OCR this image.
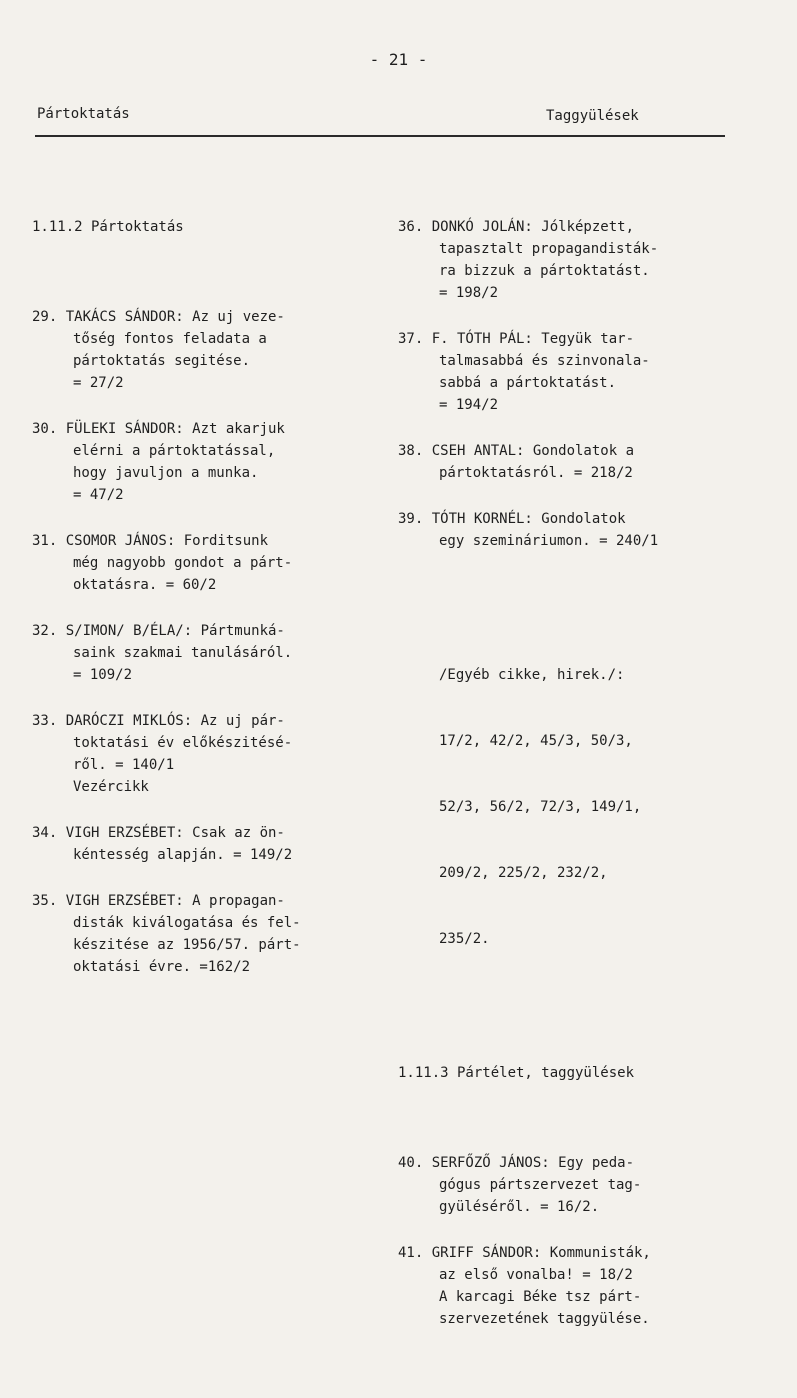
- 21 -
Pártoktatás	Taggyülések

1.11.2 Pártoktatás

29. TAKÁCS SÁNDOR: Az uj veze-
tőség fontos feladata a
pártoktatás segitése.
= 27/2
30. FÜLEKI SÁNDOR: Azt akarjuk
elérni a pártoktatással,
hogy javuljon a munka.
= 47/2
31. CSOMOR JÁNOS: Forditsunk
még nagyobb gondot a párt-
oktatásra. = 60/2
32. S/IMON/ B/ÉLA/: Pártmunká-
saink szakmai tanulásáról.
= 109/2
33. DARÓCZI MIKLÓS: Az uj pár-
toktatási év előkészitésé-
ről. = 140/1
Vezércikk
34. VIGH ERZSÉBET: Csak az ön-
kéntesség alapján. = 149/2
35. VIGH ERZSÉBET: A propagan-
disták kiválogatása és fel-
készitése az 1956/57. párt-
oktatási évre. =162/2

36. DONKÓ JOLÁN: Jólképzett,
tapasztalt propagandisták-
ra bizzuk a pártoktatást.
= 198/2
37. F. TÓTH PÁL: Tegyük tar-
talmasabbá és szinvonala-
sabbá a pártoktatást.
= 194/2
38. CSEH ANTAL: Gondolatok a
pártoktatásról. = 218/2
39. TÓTH KORNÉL: Gondolatok
egy szemináriumon. = 240/1

/Egyéb cikke, hirek./:

17/2, 42/2, 45/3, 50/3,

52/3, 56/2, 72/3, 149/1,

209/2, 225/2, 232/2,

235/2.

1.11.3 Pártélet, taggyülések

40. SERFŐZŐ JÁNOS: Egy peda-
gógus pártszervezet tag-
gyüléséről. = 16/2.
41. GRIFF SÁNDOR: Kommunisták,
az első vonalba! = 18/2
A karcagi Béke tsz párt-
szervezetének taggyülése.
